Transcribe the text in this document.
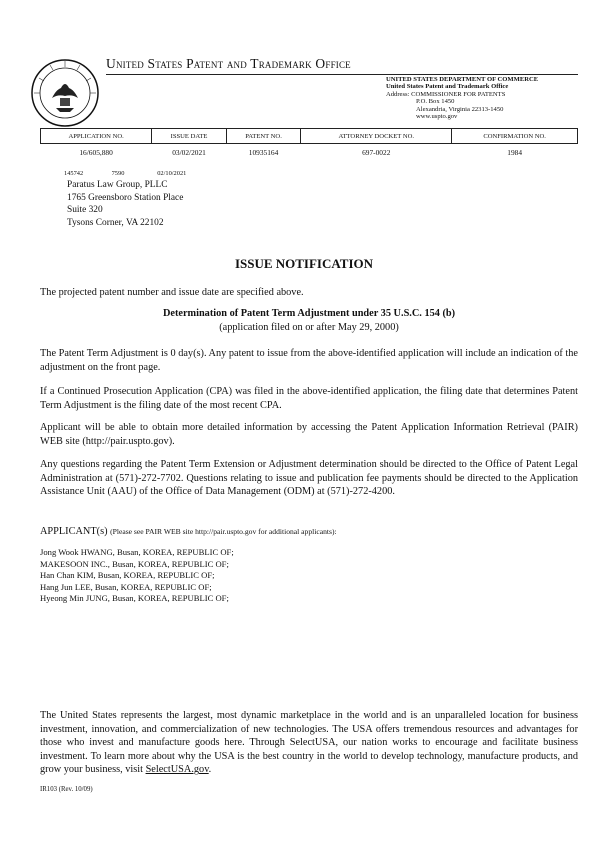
United States Patent and Trademark Office
UNITED STATES DEPARTMENT OF COMMERCE
United States Patent and Trademark Office
Address: COMMISSIONER FOR PATENTS
P.O. Box 1450
Alexandria, Virginia 22313-1450
www.uspto.gov
APPLICATION NO.	ISSUE DATE	PATENT NO.	ATTORNEY DOCKET NO.	CONFIRMATION NO.
16/605,880	03/02/2021	10935164	697-0022	1984
145742	7590	02/10/2021
Paratus Law Group, PLLC
1765 Greensboro Station Place
Suite 320
Tysons Corner, VA 22102
ISSUE NOTIFICATION
The projected patent number and issue date are specified above.
Determination of Patent Term Adjustment under 35 U.S.C. 154 (b)
(application filed on or after May 29, 2000)
The Patent Term Adjustment is 0 day(s). Any patent to issue from the above-identified application will include an indication of the adjustment on the front page.
If a Continued Prosecution Application (CPA) was filed in the above-identified application, the filing date that determines Patent Term Adjustment is the filing date of the most recent CPA.
Applicant will be able to obtain more detailed information by accessing the Patent Application Information Retrieval (PAIR) WEB site (http://pair.uspto.gov).
Any questions regarding the Patent Term Extension or Adjustment determination should be directed to the Office of Patent Legal Administration at (571)-272-7702. Questions relating to issue and publication fee payments should be directed to the Application Assistance Unit (AAU) of the Office of Data Management (ODM) at (571)-272-4200.
APPLICANT(s) (Please see PAIR WEB site http://pair.uspto.gov for additional applicants):
Jong Wook HWANG, Busan, KOREA, REPUBLIC OF;
MAKESOON INC., Busan, KOREA, REPUBLIC OF;
Han Chan KIM, Busan, KOREA, REPUBLIC OF;
Hang Jun LEE, Busan, KOREA, REPUBLIC OF;
Hyeong Min JUNG, Busan, KOREA, REPUBLIC OF;
The United States represents the largest, most dynamic marketplace in the world and is an unparalleled location for business investment, innovation, and commercialization of new technologies. The USA offers tremendous resources and advantages for those who invest and manufacture goods here. Through SelectUSA, our nation works to encourage and facilitate business investment. To learn more about why the USA is the best country in the world to develop technology, manufacture products, and grow your business, visit SelectUSA.gov.
IR103 (Rev. 10/09)
